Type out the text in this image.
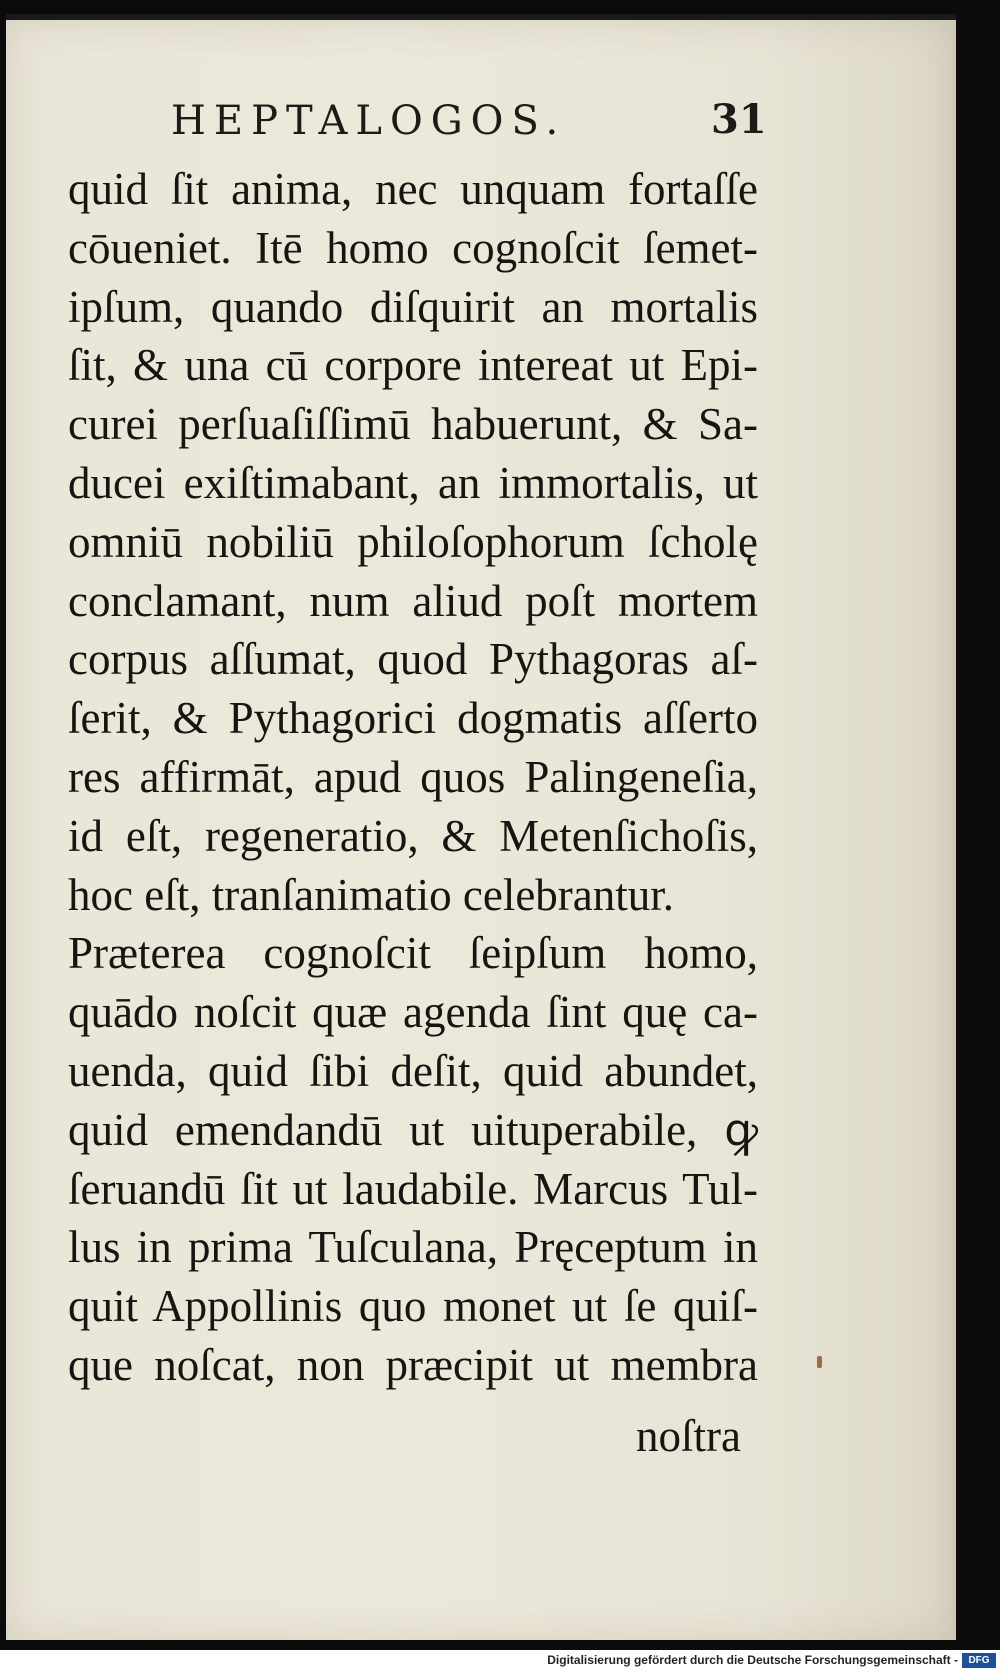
HEPTALOGOS.	31
quid ſit anima, nec unquam fortaſſe
cōueniet. Itē homo cognoſcit ſemet‑
ipſum, quando diſquirit an mortalis
ſit, & una cū corpore intereat ut Epi‑
curei perſuaſiſſimū habuerunt, & Sa‑
ducei exiſtimabant, an immortalis, ut
omniū nobiliū philoſophorum ſcholę
conclamant, num aliud poſt mortem
corpus aſſumat, quod Pythagoras aſ‑
ſerit, & Pythagorici dogmatis aſſerto
res affirmāt, apud quos Palingeneſia,
id eſt, regeneratio, & Metenſichoſis,
hoc eſt, tranſanimatio celebrantur.
Præterea cognoſcit ſeipſum homo,
quādo noſcit quæ agenda ſint quę ca‑
uenda, quid ſibi deſit, quid abundet,
quid emendandū ut uituperabile, ꝙ
ſeruandū ſit ut laudabile. Marcus Tul‑
lus in prima Tuſculana, Pręceptum in
quit Appollinis quo monet ut ſe quiſ‑
que noſcat, non præcipit ut membra
noſtra
Digitalisierung gefördert durch die Deutsche Forschungsgemeinschaft -	DFG
